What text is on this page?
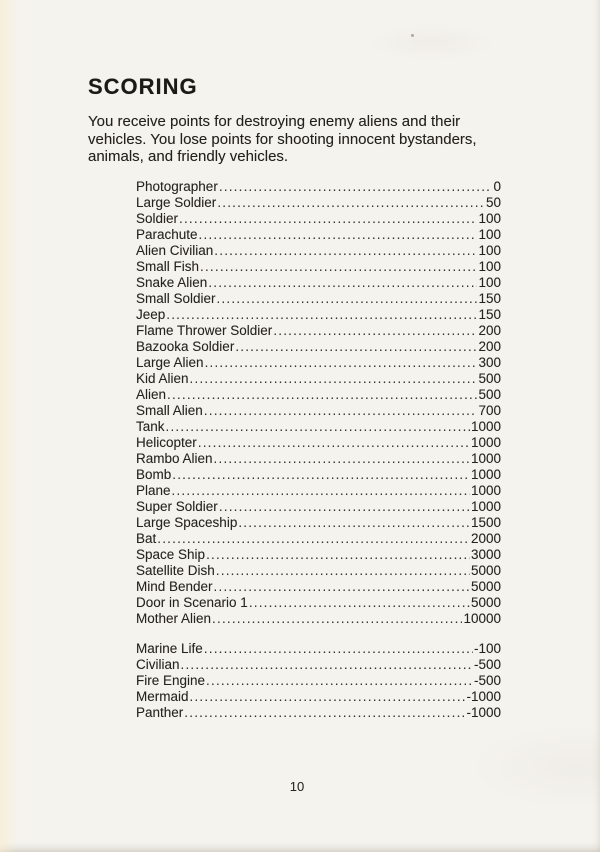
SCORING
You receive points for destroying enemy aliens and their
vehicles. You lose points for shooting innocent bystanders,
animals, and friendly vehicles.
Photographer .....	0
Large Soldier .....	50
Soldier .....	100
Parachute .....	100
Alien Civilian .....	100
Small Fish .....	100
Snake Alien .....	100
Small Soldier .....	150
Jeep .....	150
Flame Thrower Soldier .....	200
Bazooka Soldier .....	200
Large Alien .....	300
Kid Alien .....	500
Alien .....	500
Small Alien .....	700
Tank .....	1000
Helicopter .....	1000
Rambo Alien .....	1000
Bomb .....	1000
Plane .....	1000
Super Soldier .....	1000
Large Spaceship .....	1500
Bat .....	2000
Space Ship .....	3000
Satellite Dish .....	5000
Mind Bender .....	5000
Door in Scenario 1 .....	5000
Mother Alien .....	10000
Marine Life .....	-100
Civilian .....	-500
Fire Engine .....	-500
Mermaid .....	-1000
Panther .....	-1000
10
